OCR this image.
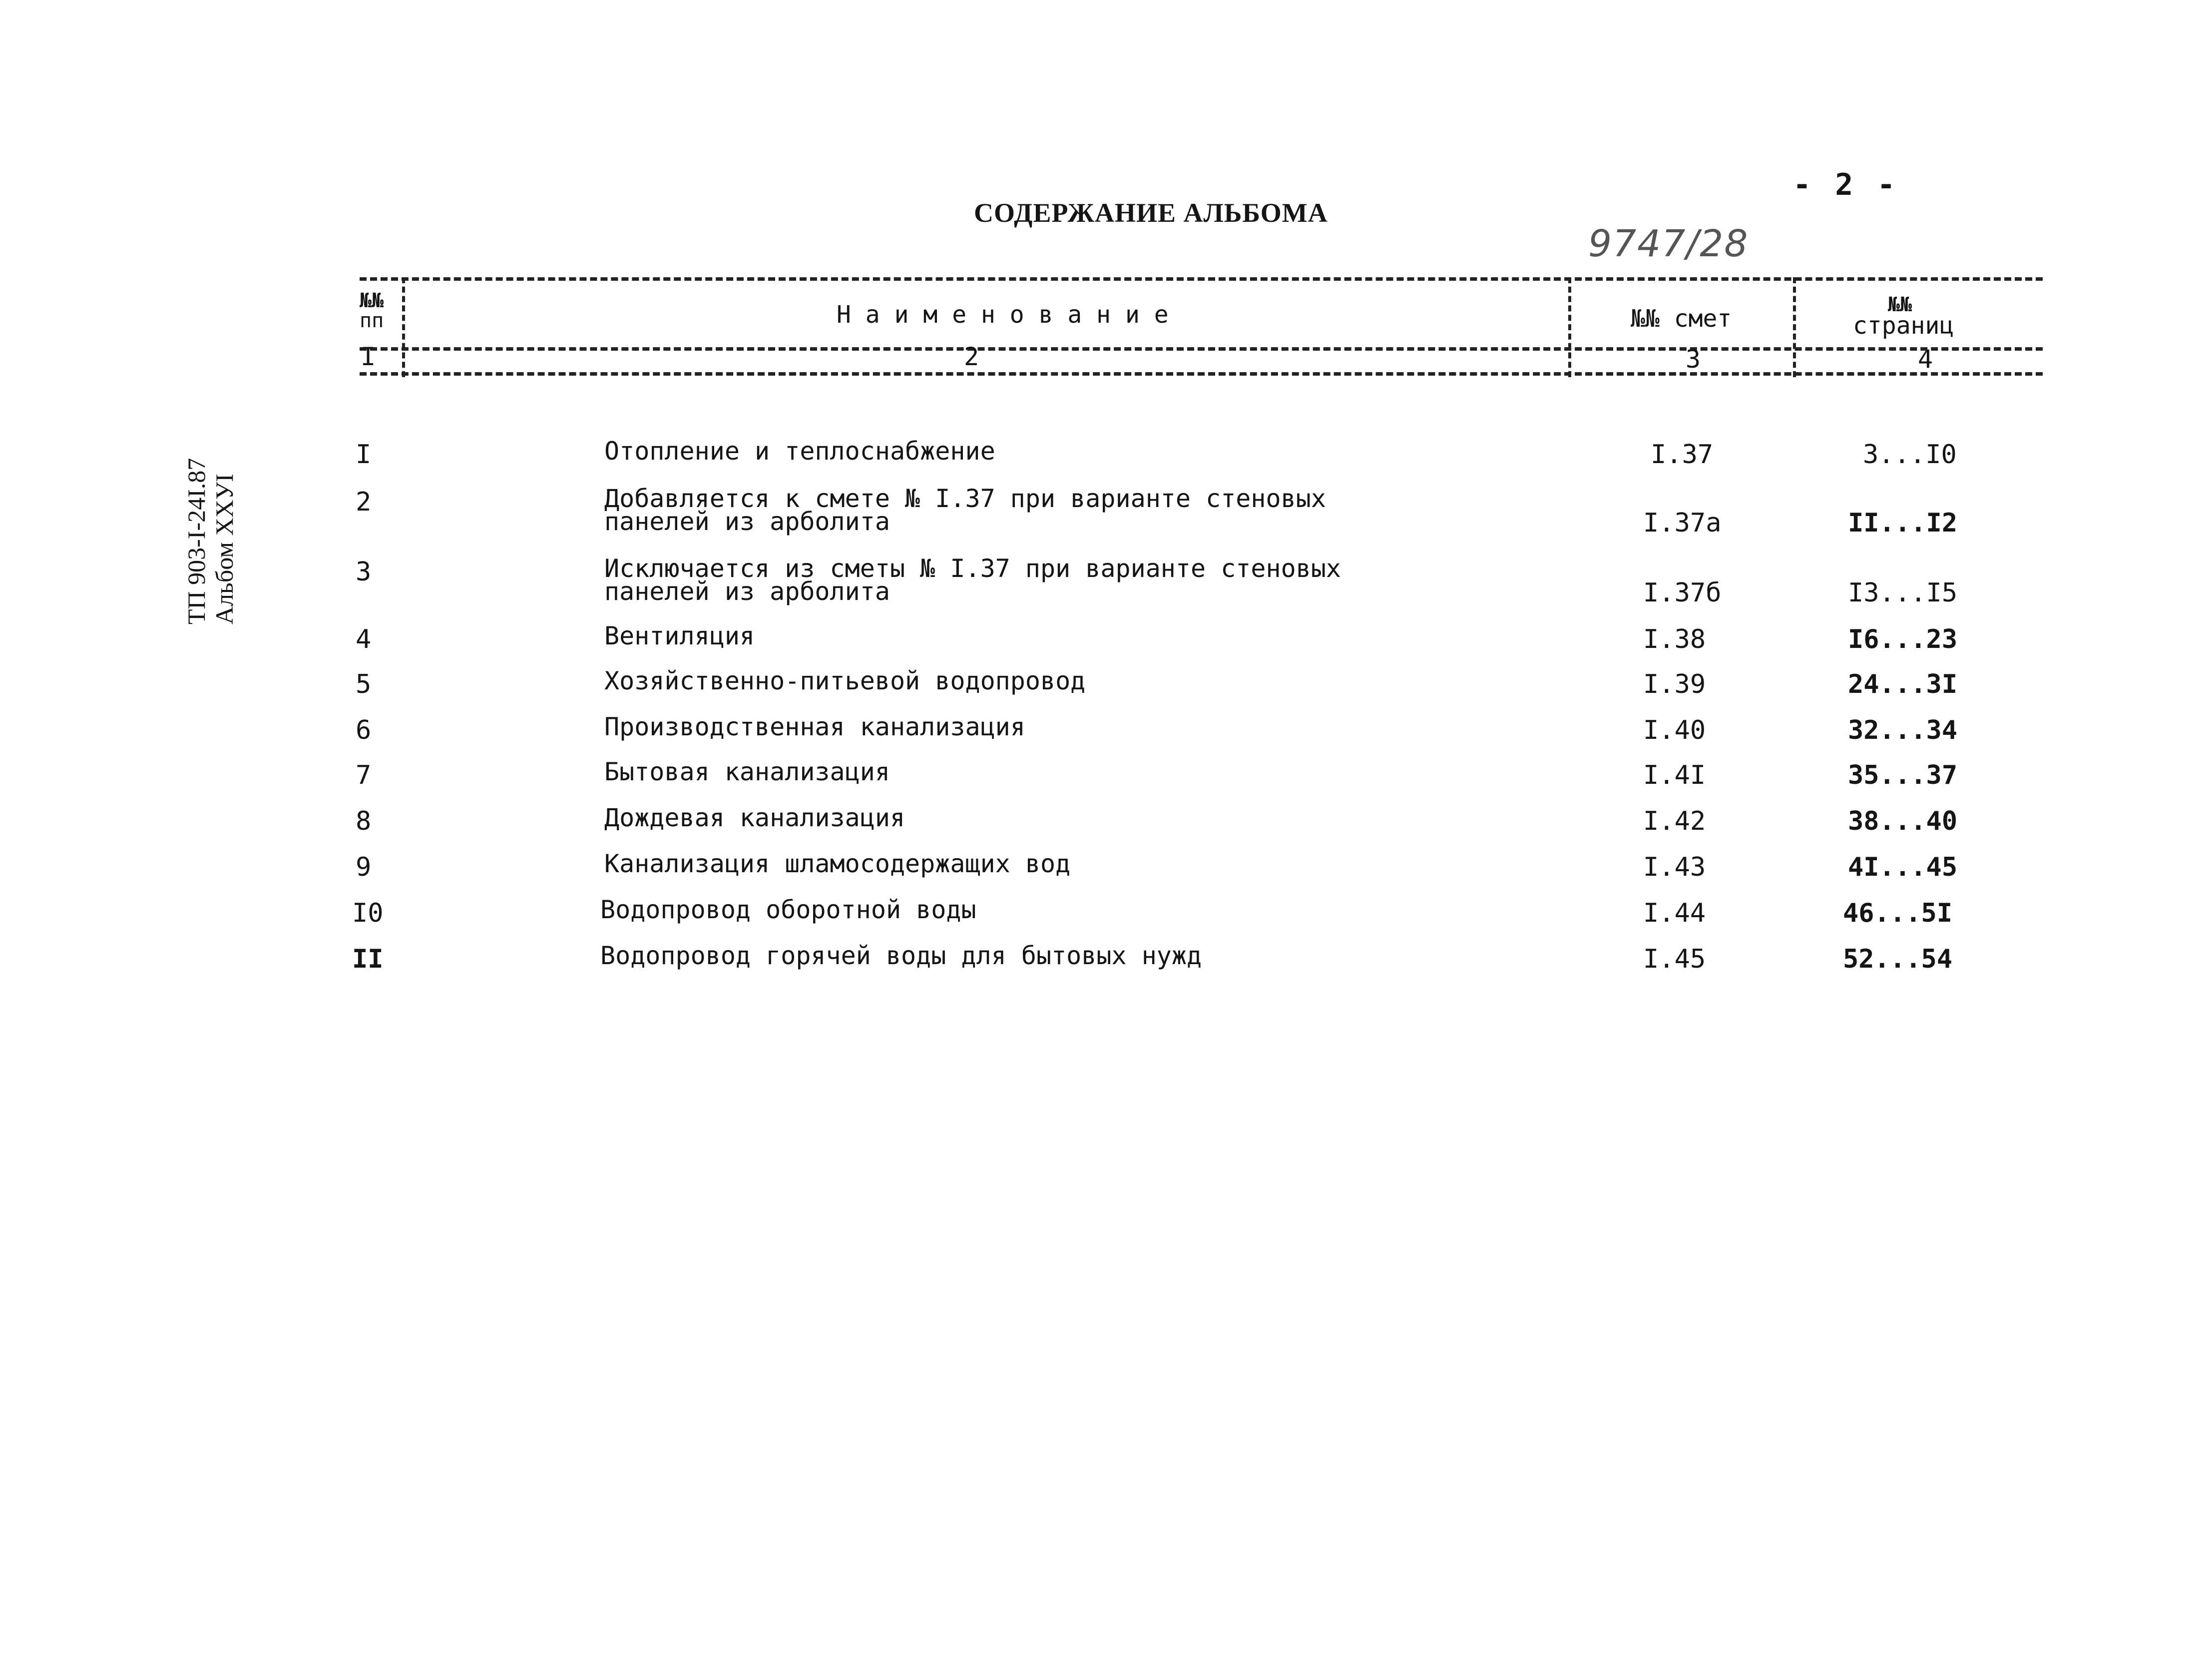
- 2 -
СОДЕРЖАНИЕ АЛЬБОМА
9747/28
ТП 903-I-24I.87 Альбом XXУI
№№
пп	Н а и м е н о в а н и е	№№ смет	№№
страниц
I	2	3	4
I	Отопление и теплоснабжение	I.37	3...I0
2	Добавляется к смете № I.37 при варианте стеновых
панелей из арболита	I.37а	II...I2
3	Исключается из сметы № I.37 при варианте стеновых
панелей из арболита	I.37б	I3...I5
4	Вентиляция	I.38	I6...23
5	Хозяйственно-питьевой водопровод	I.39	24...3I
6	Производственная канализация	I.40	32...34
7	Бытовая канализация	I.4I	35...37
8	Дождевая канализация	I.42	38...40
9	Канализация шламосодержащих вод	I.43	4I...45
I0	Водопровод оборотной воды	I.44	46...5I
II	Водопровод горячей воды для бытовых нужд	I.45	52...54
